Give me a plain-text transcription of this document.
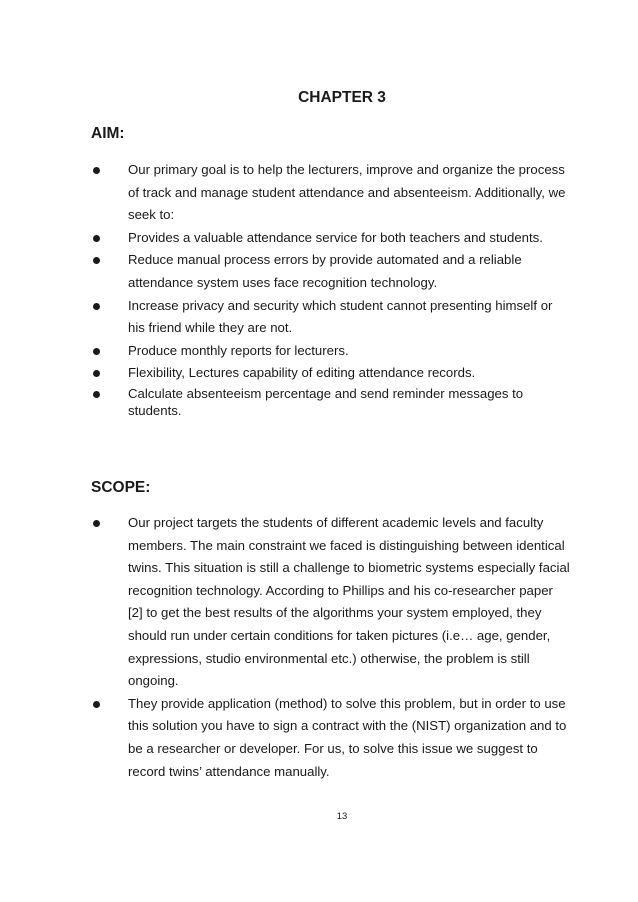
CHAPTER 3
AIM:
Our primary goal is to help the lecturers, improve and organize the process of track and manage student attendance and absenteeism. Additionally, we seek to:
Provides a valuable attendance service for both teachers and students.
Reduce manual process errors by provide automated and a reliable attendance system uses face recognition technology.
Increase privacy and security which student cannot presenting himself or his friend while they are not.
Produce monthly reports for lecturers.
Flexibility, Lectures capability of editing attendance records.
Calculate absenteeism percentage and send reminder messages to students.
SCOPE:
Our project targets the students of different academic levels and faculty members. The main constraint we faced is distinguishing between identical twins. This situation is still a challenge to biometric systems especially facial recognition technology. According to Phillips and his co-researcher paper [2] to get the best results of the algorithms your system employed, they should run under certain conditions for taken pictures (i.e… age, gender, expressions, studio environmental etc.) otherwise, the problem is still ongoing.
They provide application (method) to solve this problem, but in order to use this solution you have to sign a contract with the (NIST) organization and to be a researcher or developer. For us, to solve this issue we suggest to record twins’ attendance manually.
13
